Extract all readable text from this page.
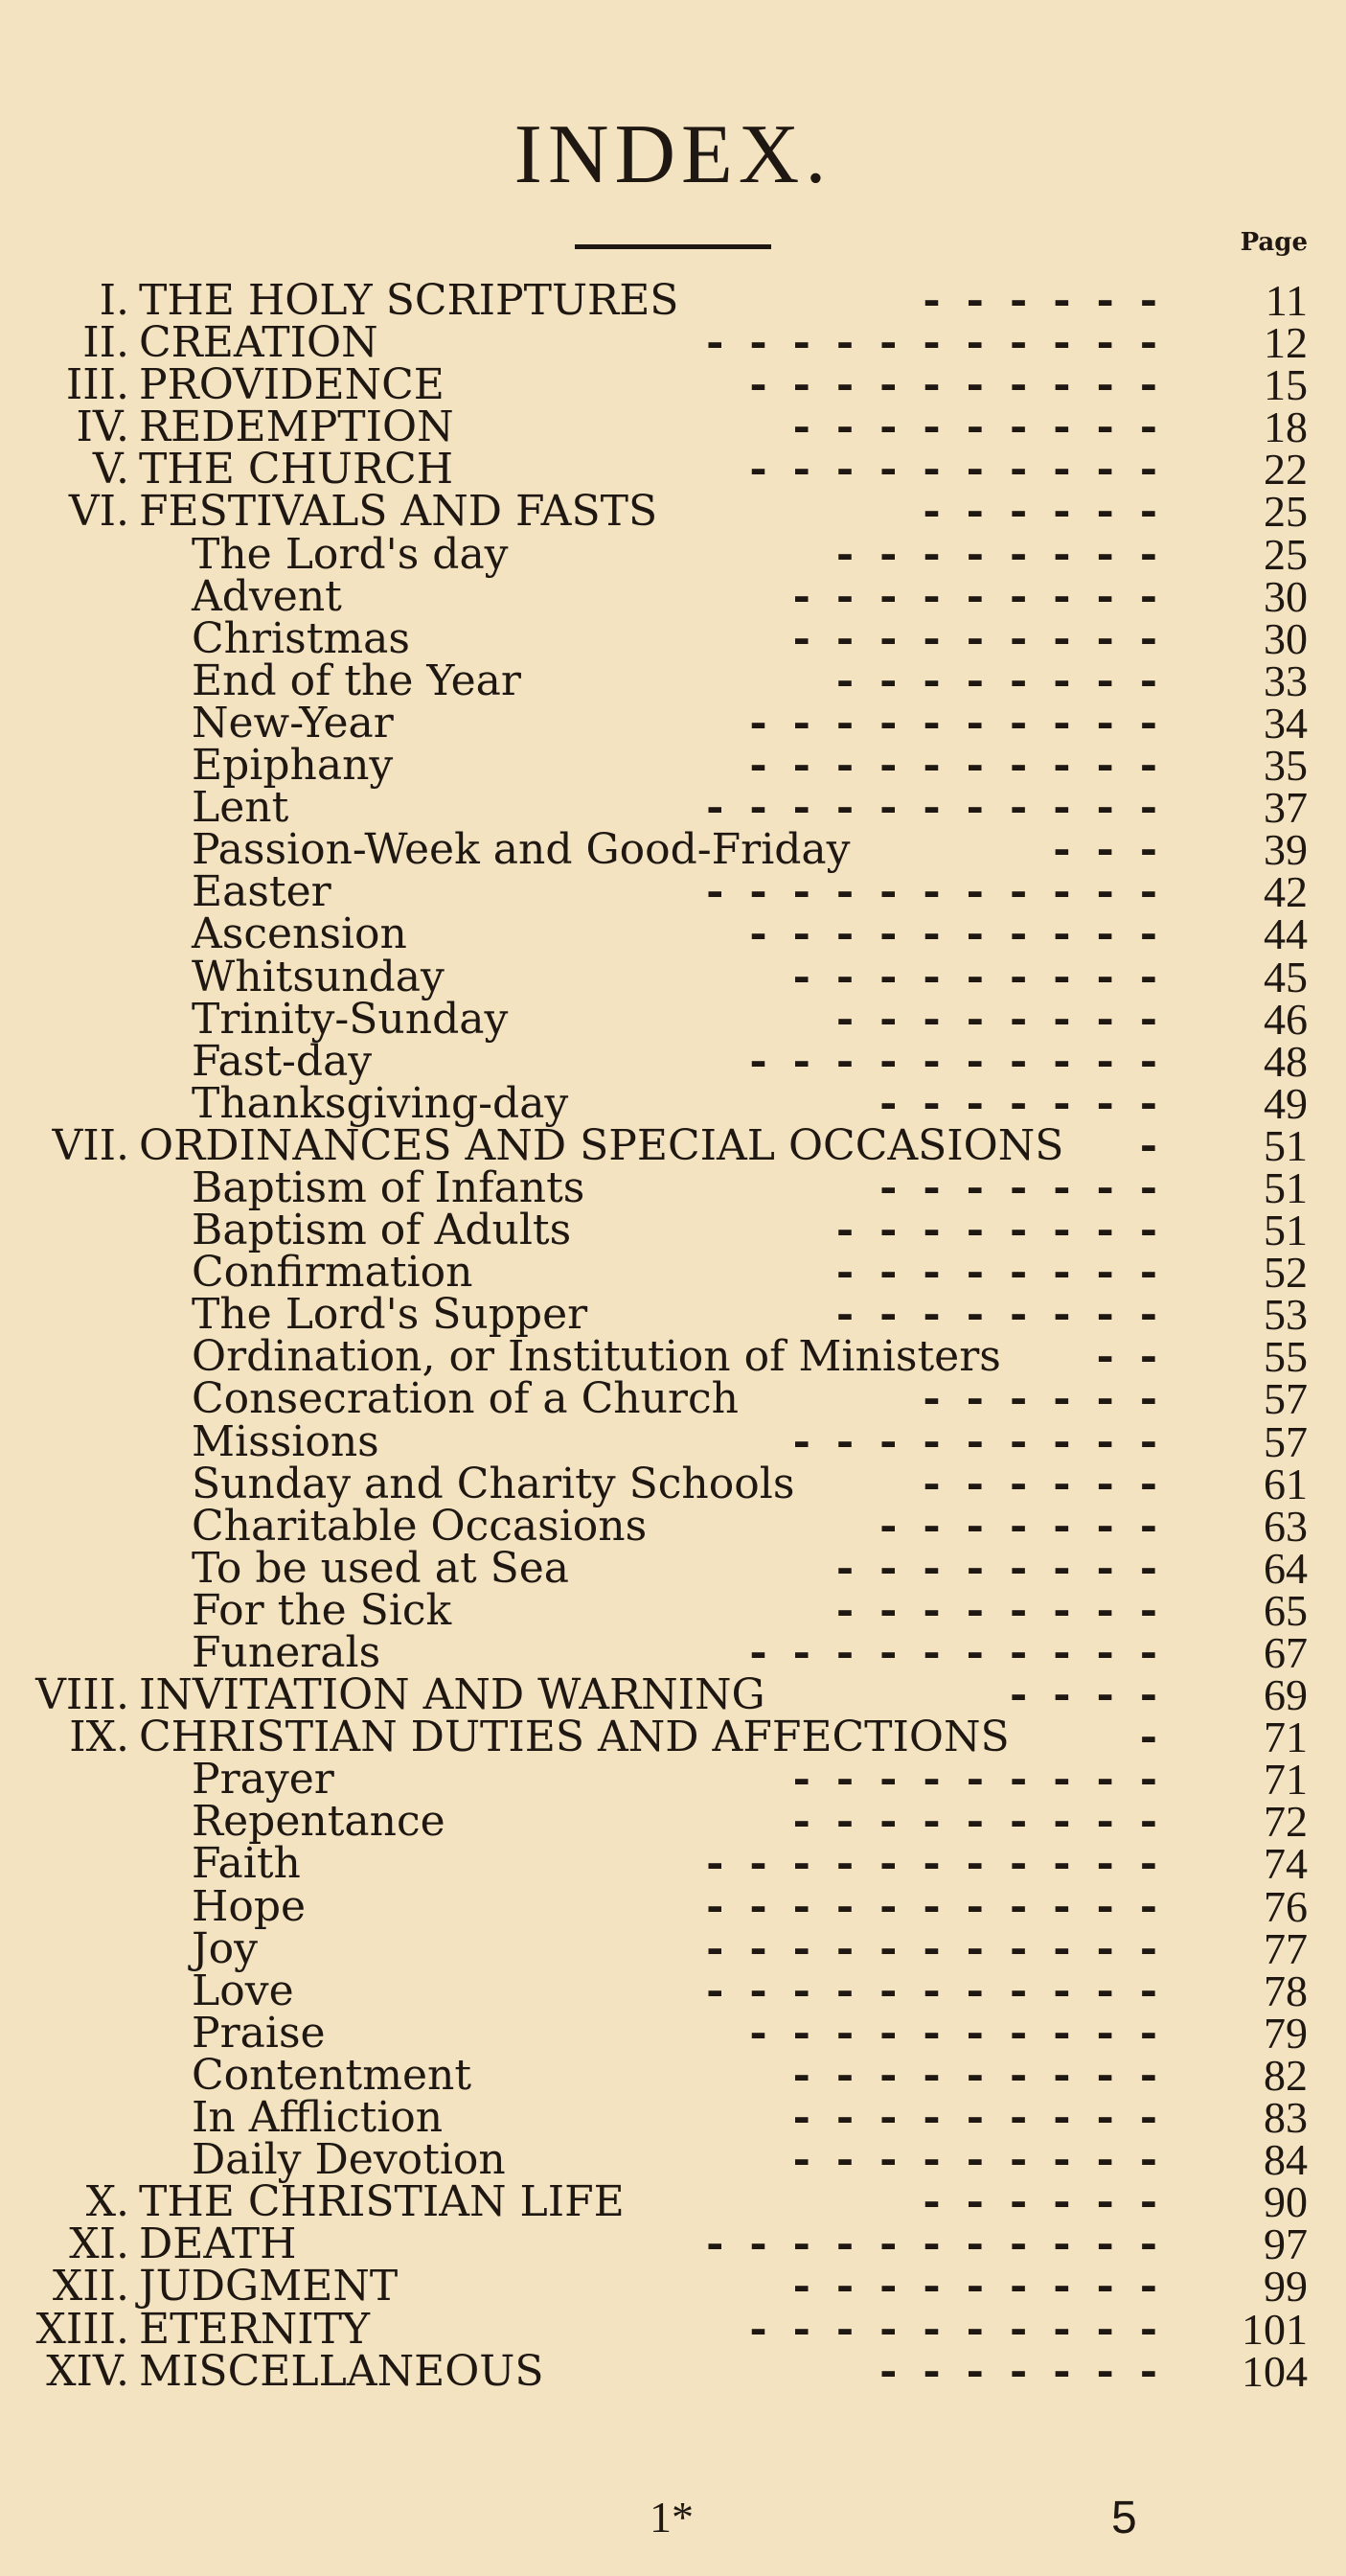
INDEX.
Page
I. THE HOLY SCRIPTURES	------ 11
II. CREATION	----------- 12
III. PROVIDENCE	---------- 15
IV. REDEMPTION	--------- 18
V. THE CHURCH	---------- 22
VI. FESTIVALS AND FASTS	------ 25
The Lord's day	-------- 25
Advent	--------- 30
Christmas	--------- 30
End of the Year	-------- 33
New-Year	---------- 34
Epiphany	---------- 35
Lent	----------- 37
Passion-Week and Good-Friday	--- 39
Easter	----------- 42
Ascension	---------- 44
Whitsunday	--------- 45
Trinity-Sunday	-------- 46
Fast-day	---------- 48
Thanksgiving-day	------- 49
VII. ORDINANCES AND SPECIAL OCCASIONS - 51
Baptism of Infants	------- 51
Baptism of Adults	-------- 51
Confirmation	-------- 52
The Lord's Supper	-------- 53
Ordination, or Institution of Ministers -- 55
Consecration of a Church	------ 57
Missions	--------- 57
Sunday and Charity Schools	------ 61
Charitable Occasions	------- 63
To be used at Sea	-------- 64
For the Sick	-------- 65
Funerals	---------- 67
VIII. INVITATION AND WARNING	---- 69
IX. CHRISTIAN DUTIES AND AFFECTIONS	- 71
Prayer	--------- 71
Repentance	--------- 72
Faith	----------- 74
Hope	----------- 76
Joy	----------- 77
Love	----------- 78
Praise	---------- 79
Contentment	--------- 82
In Affliction	--------- 83
Daily Devotion	--------- 84
X. THE CHRISTIAN LIFE	------ 90
XI. DEATH	----------- 97
XII. JUDGMENT	--------- 99
XIII. ETERNITY	---------- 101
XIV. MISCELLANEOUS	------- 104
1*	5
